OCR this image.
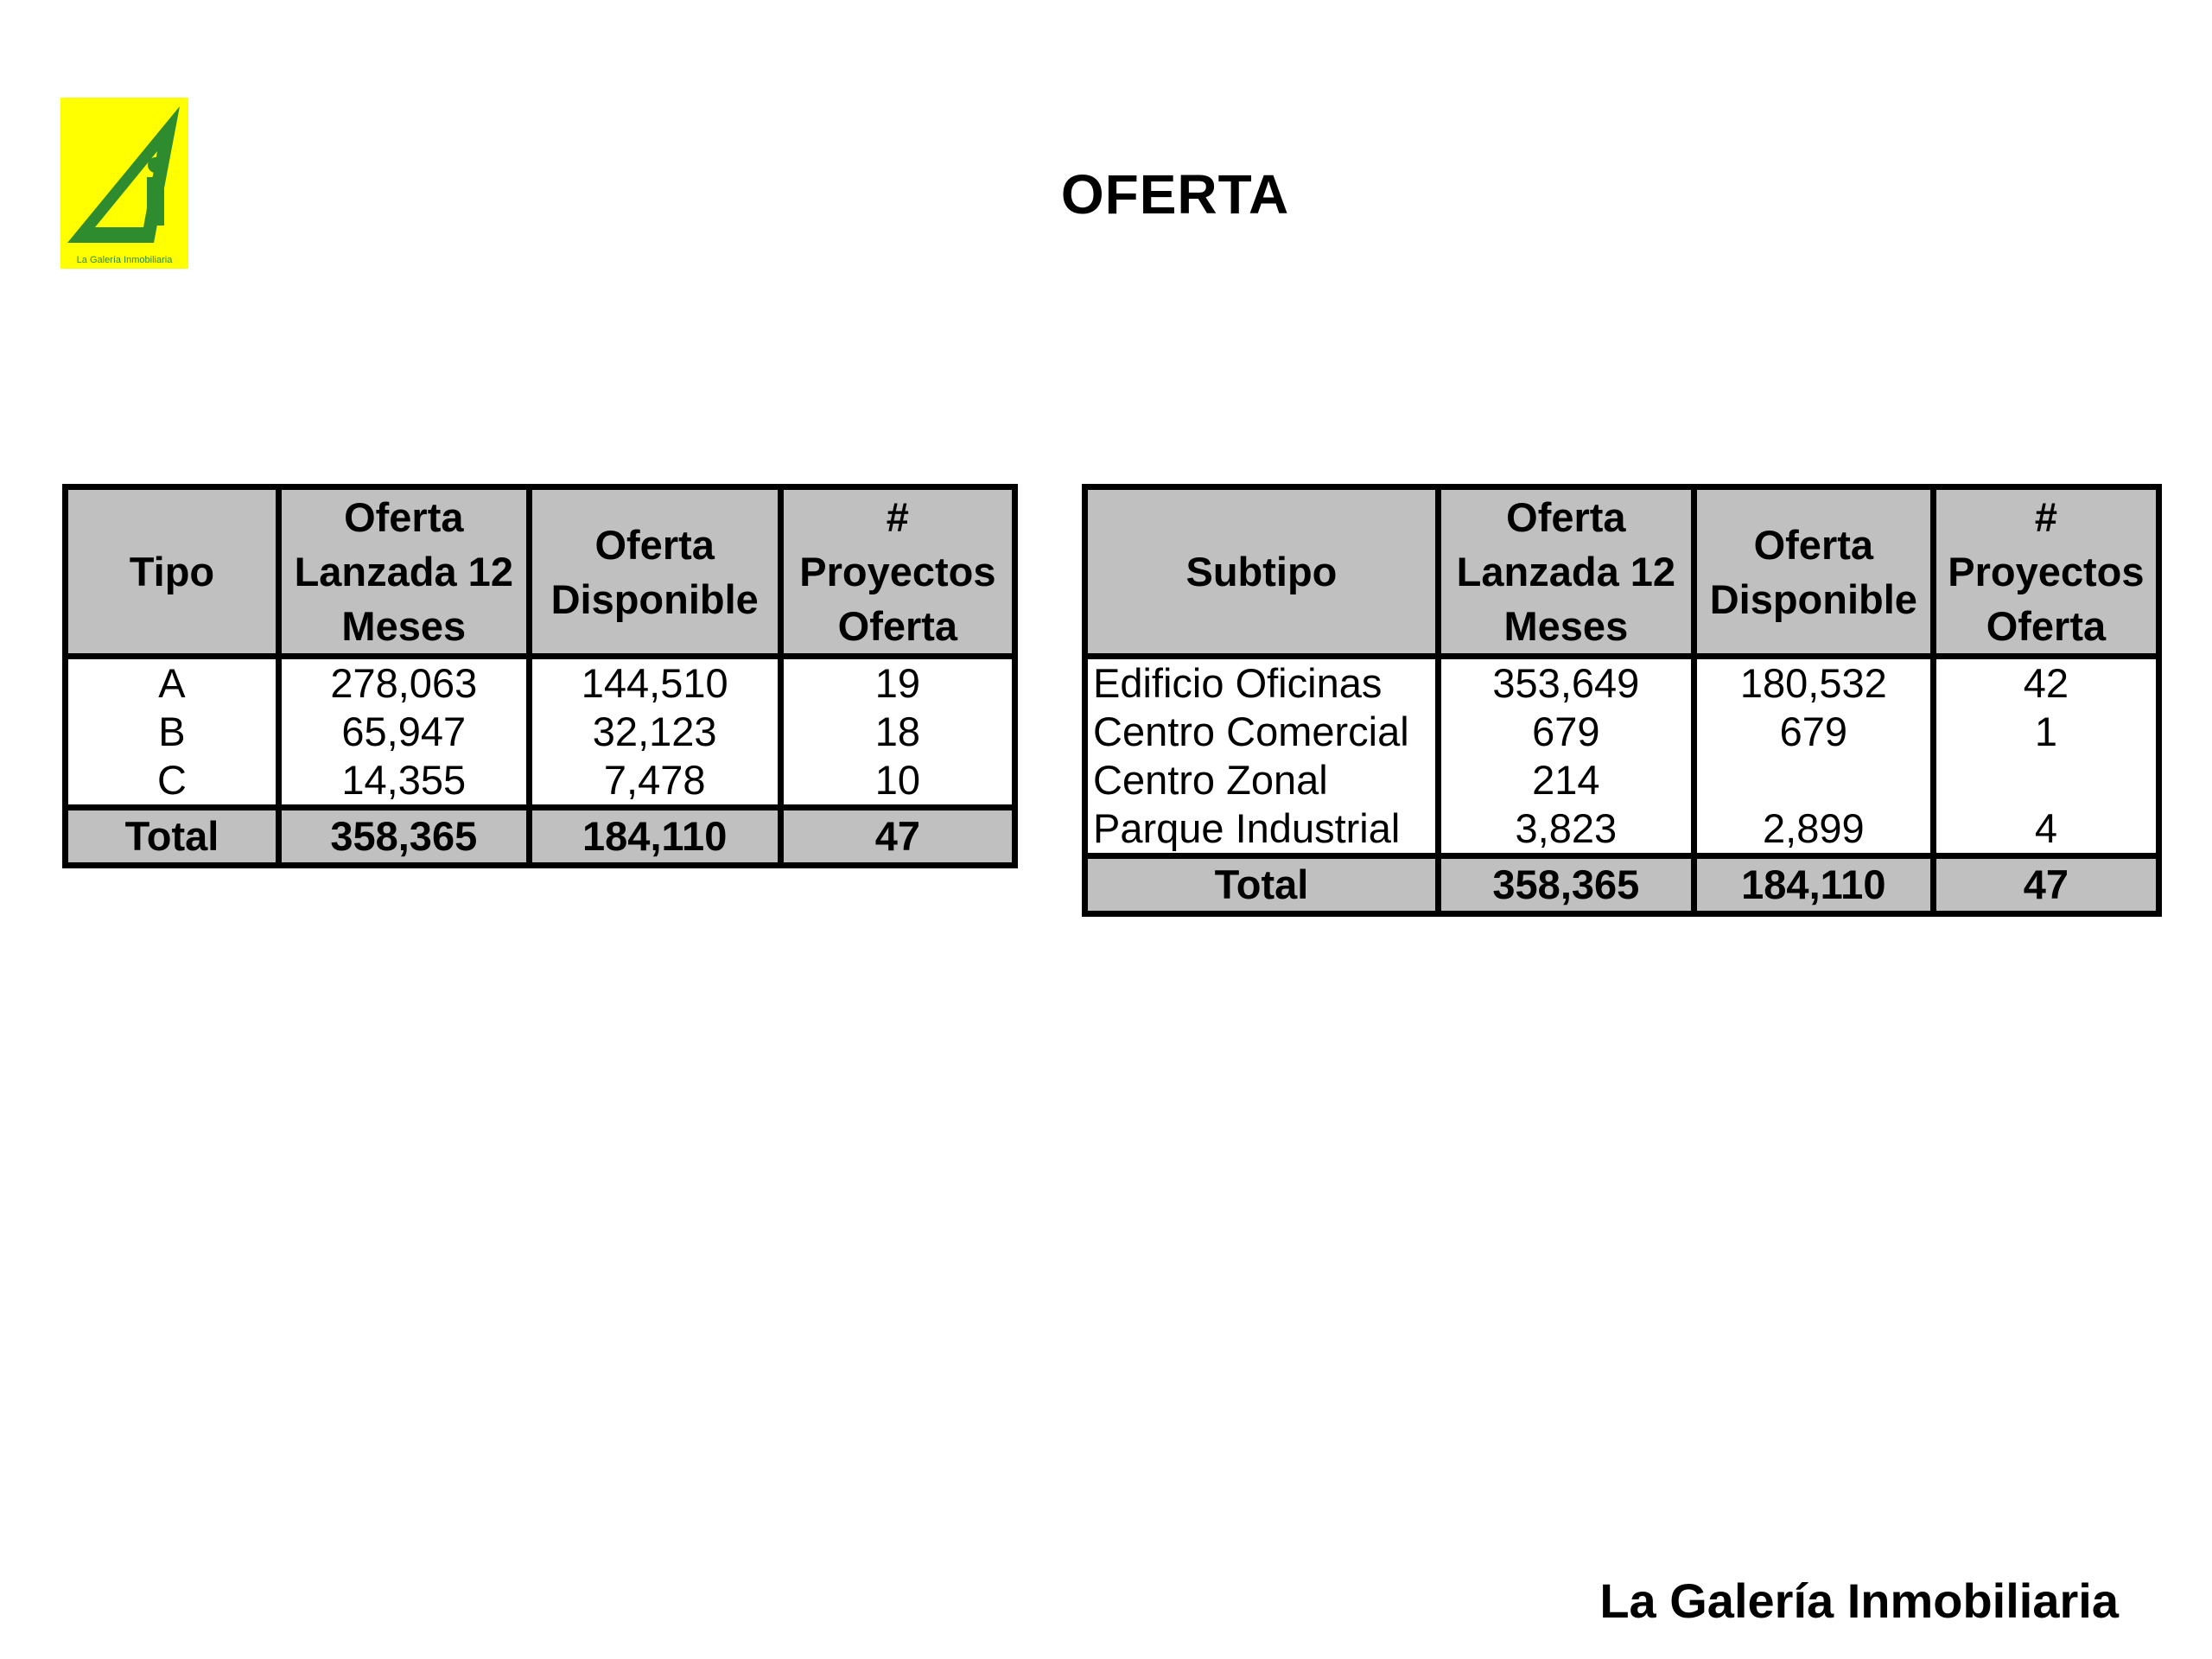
La Galería Inmobiliaria
OFERTA
Tipo	Oferta Lanzada 12 Meses	Oferta Disponible	# Proyectos Oferta
A	278,063	144,510	19
B	65,947	32,123	18
C	14,355	7,478	10
Total	358,365	184,110	47
Subtipo	Oferta Lanzada 12 Meses	Oferta Disponible	# Proyectos Oferta
Edificio Oficinas	353,649	180,532	42
Centro Comercial	679	679	1
Centro Zonal	214		
Parque Industrial	3,823	2,899	4
Total	358,365	184,110	47
La Galería Inmobiliaria
